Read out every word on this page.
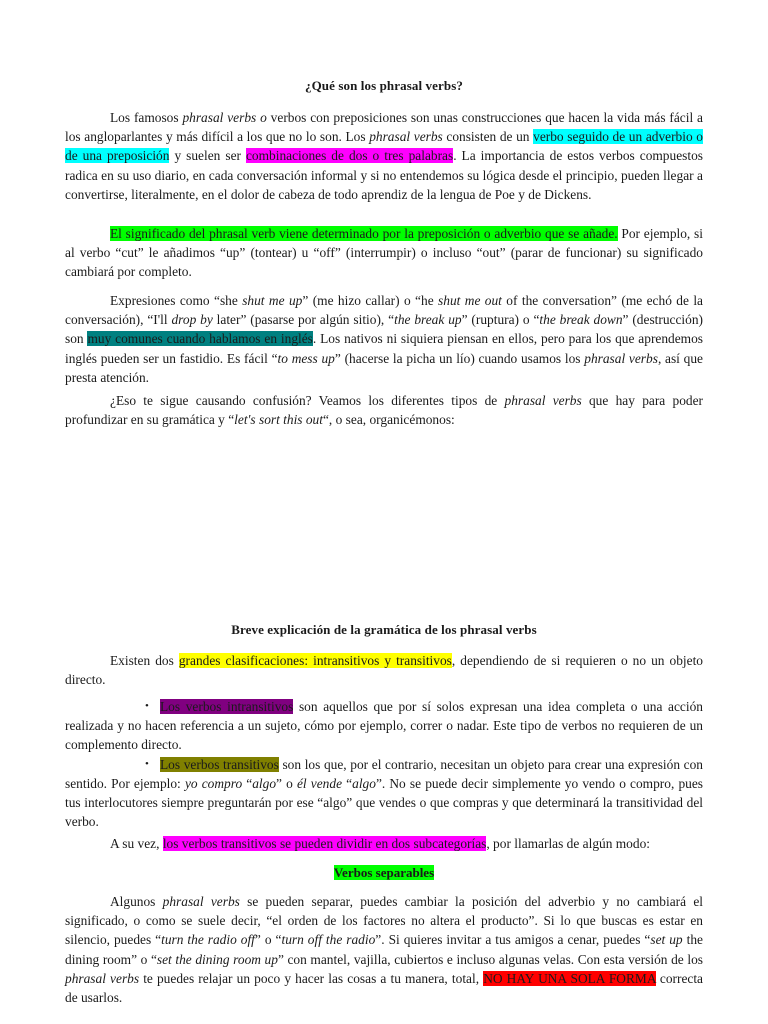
¿Qué son los phrasal verbs?

Los famosos phrasal verbs o verbos con preposiciones son unas construcciones que hacen la vida más fácil a los angloparlantes y más difícil a los que no lo son. Los phrasal verbs consisten de un verbo seguido de un adverbio o de una preposición y suelen ser combinaciones de dos o tres palabras. La importancia de estos verbos compuestos radica en su uso diario, en cada conversación informal y si no entendemos su lógica desde el principio, pueden llegar a convertirse, literalmente, en el dolor de cabeza de todo aprendiz de la lengua de Poe y de Dickens.

El significado del phrasal verb viene determinado por la preposición o adverbio que se añade. Por ejemplo, si al verbo “cut” le añadimos “up” (tontear) u “off” (interrumpir) o incluso “out” (parar de funcionar) su significado cambiará por completo.

Expresiones como “she shut me up” (me hizo callar) o “he shut me out of the conversation” (me echó de la conversación), “I'll drop by later” (pasarse por algún sitio), “the break up” (ruptura) o “the break down” (destrucción) son muy comunes cuando hablamos en inglés. Los nativos ni siquiera piensan en ellos, pero para los que aprendemos inglés pueden ser un fastidio. Es fácil “to mess up” (hacerse la picha un lío) cuando usamos los phrasal verbs, así que presta atención.

¿Eso te sigue causando confusión? Veamos los diferentes tipos de phrasal verbs que hay para poder profundizar en su gramática y “let's sort this out“, o sea, organicémonos:

Breve explicación de la gramática de los phrasal verbs

Existen dos grandes clasificaciones: intransitivos y transitivos, dependiendo de si requieren o no un objeto directo.

• Los verbos intransitivos son aquellos que por sí solos expresan una idea completa o una acción realizada y no hacen referencia a un sujeto, cómo por ejemplo, correr o nadar. Este tipo de verbos no requieren de un complemento directo.
• Los verbos transitivos son los que, por el contrario, necesitan un objeto para crear una expresión con sentido. Por ejemplo: yo compro “algo” o él vende “algo”. No se puede decir simplemente yo vendo o compro, pues tus interlocutores siempre preguntarán por ese “algo” que vendes o que compras y que determinará la transitividad del verbo.

A su vez, los verbos transitivos se pueden dividir en dos subcategorías, por llamarlas de algún modo:

Verbos separables

Algunos phrasal verbs se pueden separar, puedes cambiar la posición del adverbio y no cambiará el significado, o como se suele decir, “el orden de los factores no altera el producto”. Si lo que buscas es estar en silencio, puedes “turn the radio off” o “turn off the radio”. Si quieres invitar a tus amigos a cenar, puedes “set up the dining room” o “set the dining room up” con mantel, vajilla, cubiertos e incluso algunas velas. Con esta versión de los phrasal verbs te puedes relajar un poco y hacer las cosas a tu manera, total, NO HAY UNA SOLA FORMA correcta de usarlos.
